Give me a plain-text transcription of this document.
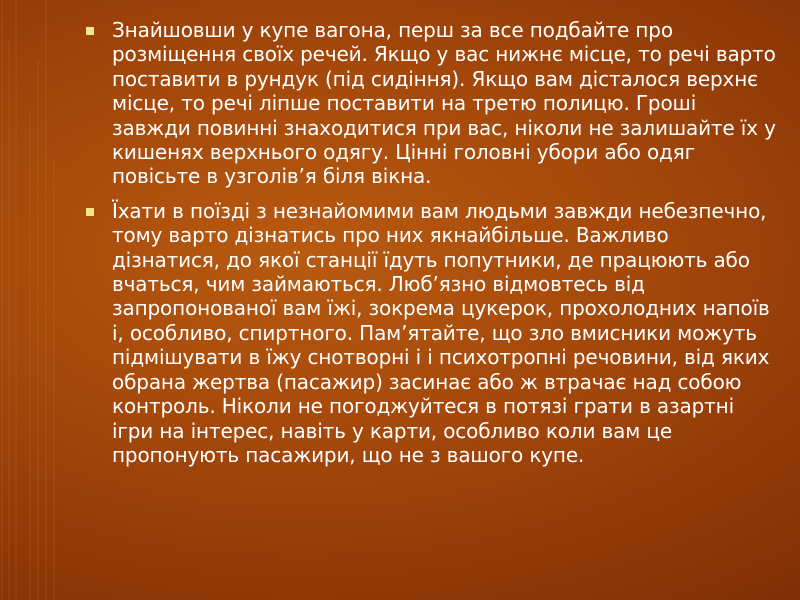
Знайшовши у купе вагона, перш за все подбайте про розміщення своїх речей. Якщо у вас нижнє місце, то речі варто поставити в рундук (під сидіння). Якщо вам дісталося верхнє місце, то речі ліпше поставити на третю полицю. Гроші завжди повинні знаходитися при вас, ніколи не залишайте їх у кишенях верхнього одягу. Цінні головні убори або одяг повісьте в узголів’я біля вікна.
Їхати в поїзді з незнайомими вам людьми завжди небезпечно, тому варто дізнатись про них якнайбільше. Важливо дізнатися, до якої станції їдуть попутники, де працюють або вчаться, чим займаються. Люб’язно відмовтесь від запропонованої вам їжі, зокрема цукерок, прохолодних напоїв і, особливо, спиртного. Пам’ятайте, що зло вмисники можуть підмішувати в їжу снотворні і і психотропні речовини, від яких обрана жертва (пасажир) засинає або ж втрачає над собою контроль. Ніколи не погоджуйтеся в потязі грати в азартні ігри на інтерес, навіть у карти, особливо коли вам це пропонують пасажири, що не з вашого купе.
